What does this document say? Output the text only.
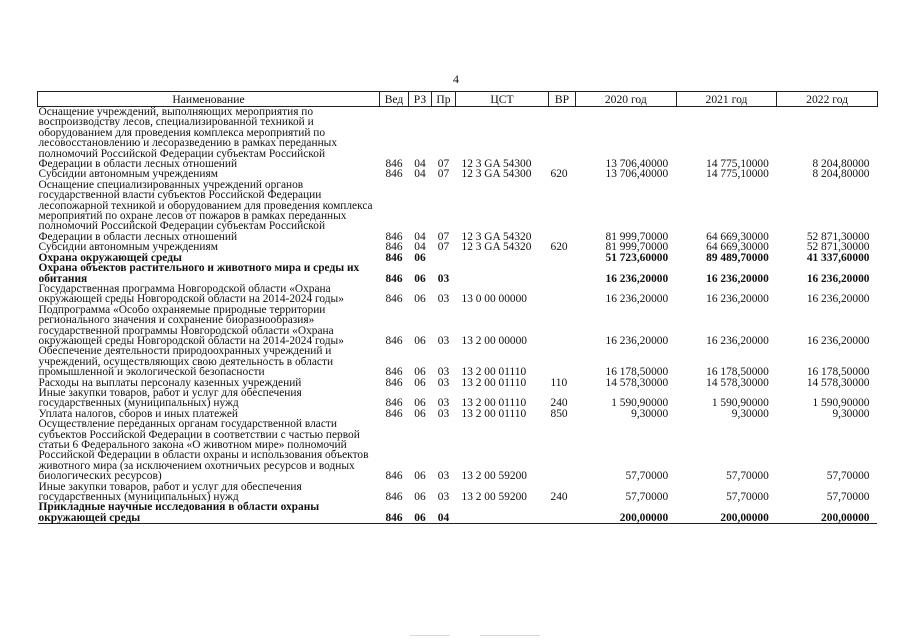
4
Наименование	Вед	РЗ	Пр	ЦСТ	ВР	2020 год	2021 год	2022 год
Оснащение учреждений, выполняющих мероприятия по воспроизводству лесов, специализированной техникой и оборудованием для проведения комплекса мероприятий по лесовосстановлению и лесоразведению в рамках переданных полномочий Российской Федерации субъектам Российской Федерации в области лесных отношений	846	04	07	12 3 GA 54300		13 706,40000	14 775,10000	8 204,80000
Субсидии автономным учреждениям	846	04	07	12 3 GA 54300	620	13 706,40000	14 775,10000	8 204,80000
Оснащение специализированных учреждений органов государственной власти субъектов Российской Федерации лесопожарной техникой и оборудованием для проведения комплекса мероприятий по охране лесов от пожаров в рамках переданных полномочий Российской Федерации субъектам Российской Федерации в области лесных отношений	846	04	07	12 3 GA 54320		81 999,70000	64 669,30000	52 871,30000
Субсидии автономным учреждениям	846	04	07	12 3 GA 54320	620	81 999,70000	64 669,30000	52 871,30000
Охрана окружающей среды	846	06				51 723,60000	89 489,70000	41 337,60000
Охрана объектов растительного и животного мира и среды их обитания	846	06	03			16 236,20000	16 236,20000	16 236,20000
Государственная программа Новгородской области «Охрана окружающей среды Новгородской области на 2014-2024 годы»	846	06	03	13 0 00 00000		16 236,20000	16 236,20000	16 236,20000
Подпрограмма «Особо охраняемые природные территории регионального значения и сохранение биоразнообразия» государственной программы Новгородской области «Охрана окружающей среды Новгородской области на 2014-2024 годы»	846	06	03	13 2 00 00000		16 236,20000	16 236,20000	16 236,20000
Обеспечение деятельности природоохранных учреждений и учреждений, осуществляющих свою деятельность в области промышленной и экологической безопасности	846	06	03	13 2 00 01110		16 178,50000	16 178,50000	16 178,50000
Расходы на выплаты персоналу казенных учреждений	846	06	03	13 2 00 01110	110	14 578,30000	14 578,30000	14 578,30000
Иные закупки товаров, работ и услуг для обеспечения государственных (муниципальных) нужд	846	06	03	13 2 00 01110	240	1 590,90000	1 590,90000	1 590,90000
Уплата налогов, сборов и иных платежей	846	06	03	13 2 00 01110	850	9,30000	9,30000	9,30000
Осуществление переданных органам государственной власти субъектов Российской Федерации в соответствии с частью первой статьи 6 Федерального закона «О животном мире» полномочий Российской Федерации в области охраны и использования объектов животного мира (за исключением охотничьих ресурсов и водных биологических ресурсов)	846	06	03	13 2 00 59200		57,70000	57,70000	57,70000
Иные закупки товаров, работ и услуг для обеспечения государственных (муниципальных) нужд	846	06	03	13 2 00 59200	240	57,70000	57,70000	57,70000
Прикладные научные исследования в области охраны окружающей среды	846	06	04			200,00000	200,00000	200,00000
